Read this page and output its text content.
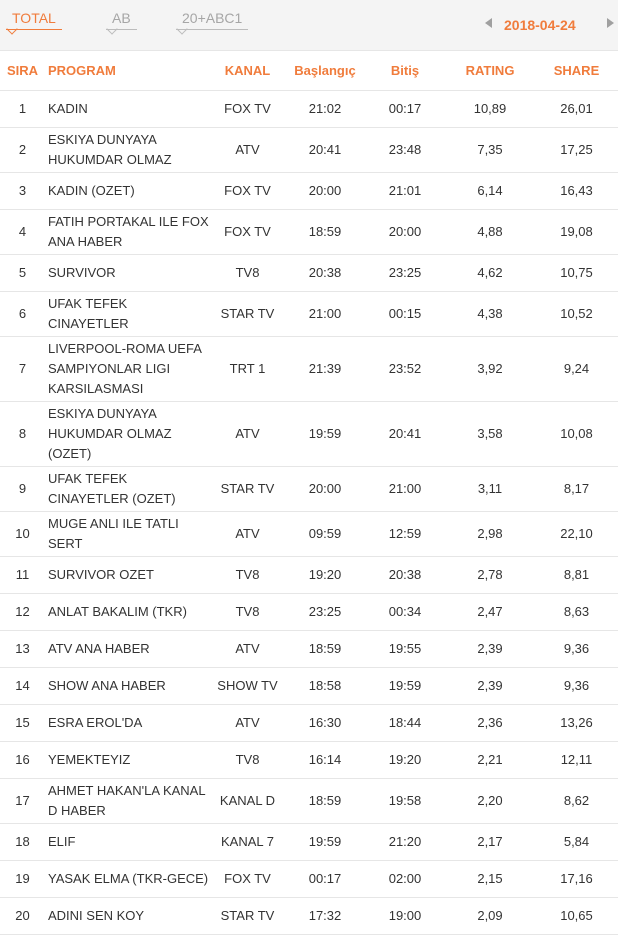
TOTAL	AB	20+ABC1	2018-04-24
SIRA	PROGRAM	KANAL	Başlangıç	Bitiş	RATING	SHARE
1	KADIN	FOX TV	21:02	00:17	10,89	26,01
2	ESKIYA DUNYAYA HUKUMDAR OLMAZ	ATV	20:41	23:48	7,35	17,25
3	KADIN (OZET)	FOX TV	20:00	21:01	6,14	16,43
4	FATIH PORTAKAL ILE FOX ANA HABER	FOX TV	18:59	20:00	4,88	19,08
5	SURVIVOR	TV8	20:38	23:25	4,62	10,75
6	UFAK TEFEK CINAYETLER	STAR TV	21:00	00:15	4,38	10,52
7	LIVERPOOL-ROMA UEFA SAMPIYONLAR LIGI KARSILASMASI	TRT 1	21:39	23:52	3,92	9,24
8	ESKIYA DUNYAYA HUKUMDAR OLMAZ (OZET)	ATV	19:59	20:41	3,58	10,08
9	UFAK TEFEK CINAYETLER (OZET)	STAR TV	20:00	21:00	3,11	8,17
10	MUGE ANLI ILE TATLI SERT	ATV	09:59	12:59	2,98	22,10
11	SURVIVOR OZET	TV8	19:20	20:38	2,78	8,81
12	ANLAT BAKALIM (TKR)	TV8	23:25	00:34	2,47	8,63
13	ATV ANA HABER	ATV	18:59	19:55	2,39	9,36
14	SHOW ANA HABER	SHOW TV	18:58	19:59	2,39	9,36
15	ESRA EROL'DA	ATV	16:30	18:44	2,36	13,26
16	YEMEKTEYIZ	TV8	16:14	19:20	2,21	12,11
17	AHMET HAKAN'LA KANAL D HABER	KANAL D	18:59	19:58	2,20	8,62
18	ELIF	KANAL 7	19:59	21:20	2,17	5,84
19	YASAK ELMA (TKR-GECE)	FOX TV	00:17	02:00	2,15	17,16
20	ADINI SEN KOY	STAR TV	17:32	19:00	2,09	10,65
